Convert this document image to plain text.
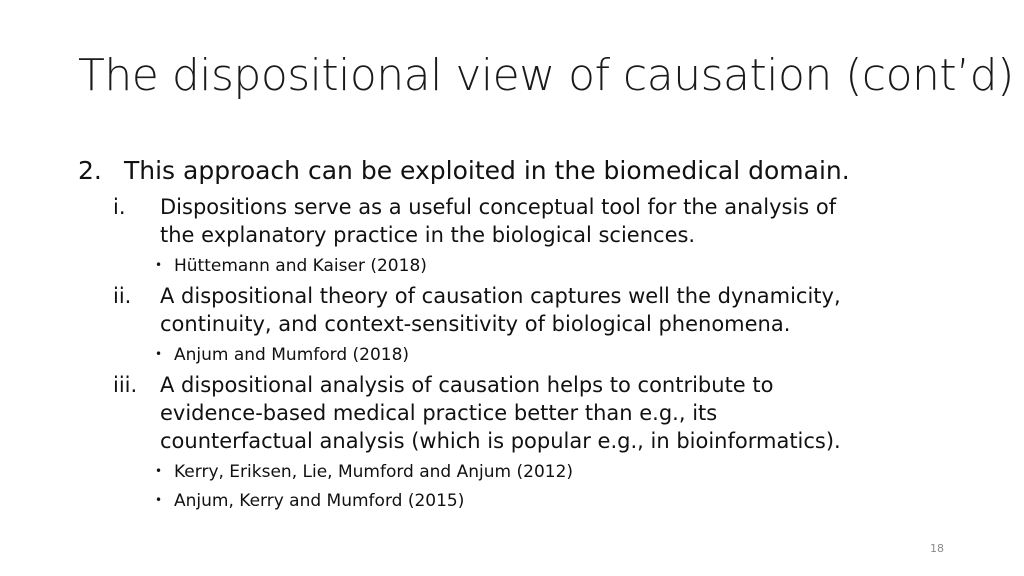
The dispositional view of causation (cont’d)
2. This approach can be exploited in the biomedical domain.
i.	Dispositions serve as a useful conceptual tool for the analysis of
the explanatory practice in the biological sciences.
• Hüttemann and Kaiser (2018)
ii.	A dispositional theory of causation captures well the dynamicity,
continuity, and context-sensitivity of biological phenomena.
• Anjum and Mumford (2018)
iii.	A dispositional analysis of causation helps to contribute to
evidence-based medical practice better than e.g., its
counterfactual analysis (which is popular e.g., in bioinformatics).
• Kerry, Eriksen, Lie, Mumford and Anjum (2012)
• Anjum, Kerry and Mumford (2015)
18
